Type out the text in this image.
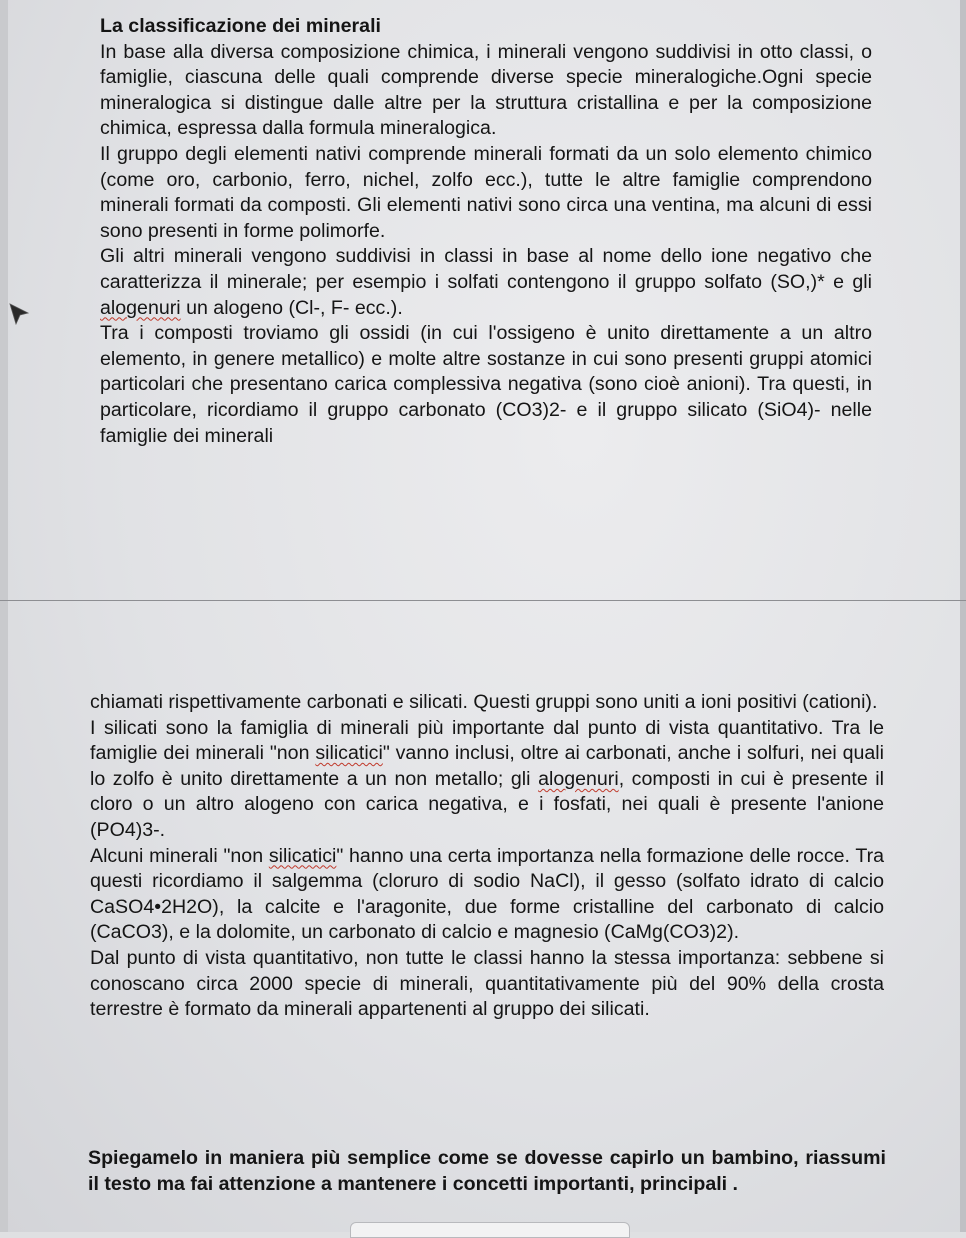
La classificazione dei minerali

In base alla diversa composizione chimica, i minerali vengono suddivisi in otto classi, o famiglie, ciascuna delle quali comprende diverse specie mineralogiche.Ogni specie mineralogica si distingue dalle altre per la struttura cristallina e per la composizione chimica, espressa dalla formula mineralogica.

Il gruppo degli elementi nativi comprende minerali formati da un solo elemento chimico (come oro, carbonio, ferro, nichel, zolfo ecc.), tutte le altre famiglie comprendono minerali formati da composti. Gli elementi nativi sono circa una ventina, ma alcuni di essi sono presenti in forme polimorfe.

Gli altri minerali vengono suddivisi in classi in base al nome dello ione negativo che caratterizza il minerale; per esempio i solfati contengono il gruppo solfato (SO,)* e gli alogenuri un alogeno (Cl-, F- ecc.).

Tra i composti troviamo gli ossidi (in cui l'ossigeno è unito direttamente a un altro elemento, in genere metallico) e molte altre sostanze in cui sono presenti gruppi atomici particolari che presentano carica complessiva negativa (sono cioè anioni). Tra questi, in particolare, ricordiamo il gruppo carbonato (CO3)2- e il gruppo silicato (SiO4)- nelle famiglie dei minerali

chiamati rispettivamente carbonati e silicati. Questi gruppi sono uniti a ioni positivi (cationi).

I silicati sono la famiglia di minerali più importante dal punto di vista quantitativo. Tra le famiglie dei minerali "non silicatici" vanno inclusi, oltre ai carbonati, anche i solfuri, nei quali lo zolfo è unito direttamente a un non metallo; gli alogenuri, composti in cui è presente il cloro o un altro alogeno con carica negativa, e i fosfati, nei quali è presente l'anione (PO4)3-.

Alcuni minerali "non silicatici" hanno una certa importanza nella formazione delle rocce. Tra questi ricordiamo il salgemma (cloruro di sodio NaCl), il gesso (solfato idrato di calcio CaSO4•2H2O), la calcite e l'aragonite, due forme cristalline del carbonato di calcio (CaCO3), e la dolomite, un carbonato di calcio e magnesio (CaMg(CO3)2).

Dal punto di vista quantitativo, non tutte le classi hanno la stessa importanza: sebbene si conoscano circa 2000 specie di minerali, quantitativamente più del 90% della crosta terrestre è formato da minerali appartenenti al gruppo dei silicati.

Spiegamelo in maniera più semplice come se dovesse capirlo un bambino, riassumi il testo ma fai attenzione a mantenere i concetti importanti, principali .
